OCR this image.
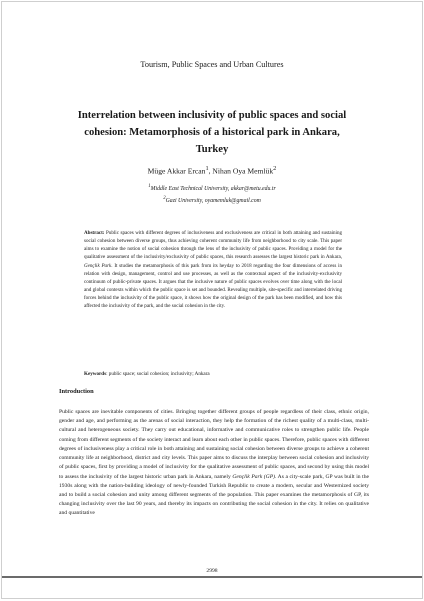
Tourism, Public Spaces and Urban Cultures
Interrelation between inclusivity of public spaces and social cohesion: Metamorphosis of a historical park in Ankara, Turkey
Müge Akkar Ercan$^1$, Nihan Oya Memlük$^2$
$^1$Middle East Technical University, akkar@metu.edu.tr
$^2$Gazi University, oyamemluk@gmail.com

Abstract: Public spaces with different degrees of inclusiveness and exclusiveness are critical in both attaining and sustaining social cohesion between diverse groups, thus achieving coherent community life from neighborhood to city scale. This paper aims to examine the notion of social cohesion through the lens of the inclusivity of public spaces. Providing a model for the qualitative assessment of the inclusivity/exclusivity of public spaces, this research assesses the largest historic park in Ankara, Gençlik Park. It studies the metamorphosis of this park from its heyday to 2018 regarding the four dimensions of access in relation with design, management, control and use processes, as well as the contextual aspect of the inclusivity-exclusivity continuum of public-private spaces. It argues that the inclusive nature of public spaces evolves over time along with the local and global contexts within which the public space is set and bounded. Revealing multiple, site-specific and interrelated driving forces behind the inclusivity of the public space, it shows how the original design of the park has been modified, and how this affected the inclusivity of the park, and the social cohesion in the city.

Keywords: public space; social cohesion; inclusivity; Ankara
Introduction

Public spaces are inevitable components of cities. Bringing together different groups of people regardless of their class, ethnic origin, gender and age, and performing as the arenas of social interaction, they help the formation of the richest quality of a multi-class, multi-cultural and heterogeneous society. They carry out educational, informative and communicative roles to strengthen public life. People coming from different segments of the society interact and learn about each other in public spaces. Therefore, public spaces with different degrees of inclusiveness play a critical role in both attaining and sustaining social cohesion between diverse groups to achieve a coherent community life at neighborhood, district and city levels. This paper aims to discuss the interplay between social cohesion and inclusivity of public spaces, first by providing a model of inclusivity for the qualitative assessment of public spaces, and second by using this model to assess the inclusivity of the largest historic urban park in Ankara, namely Gençlik Park (GP). As a city-scale park, GP was built in the 1930s along with the nation-building ideology of newly-founded Turkish Republic to create a modern, secular and Westernized society and to build a social cohesion and unity among different segments of the population. This paper examines the metamorphosis of GP, its changing inclusivity over the last 90 years, and thereby its impacts on contributing the social cohesion in the city. It relies on qualitative and quantitative

2998
